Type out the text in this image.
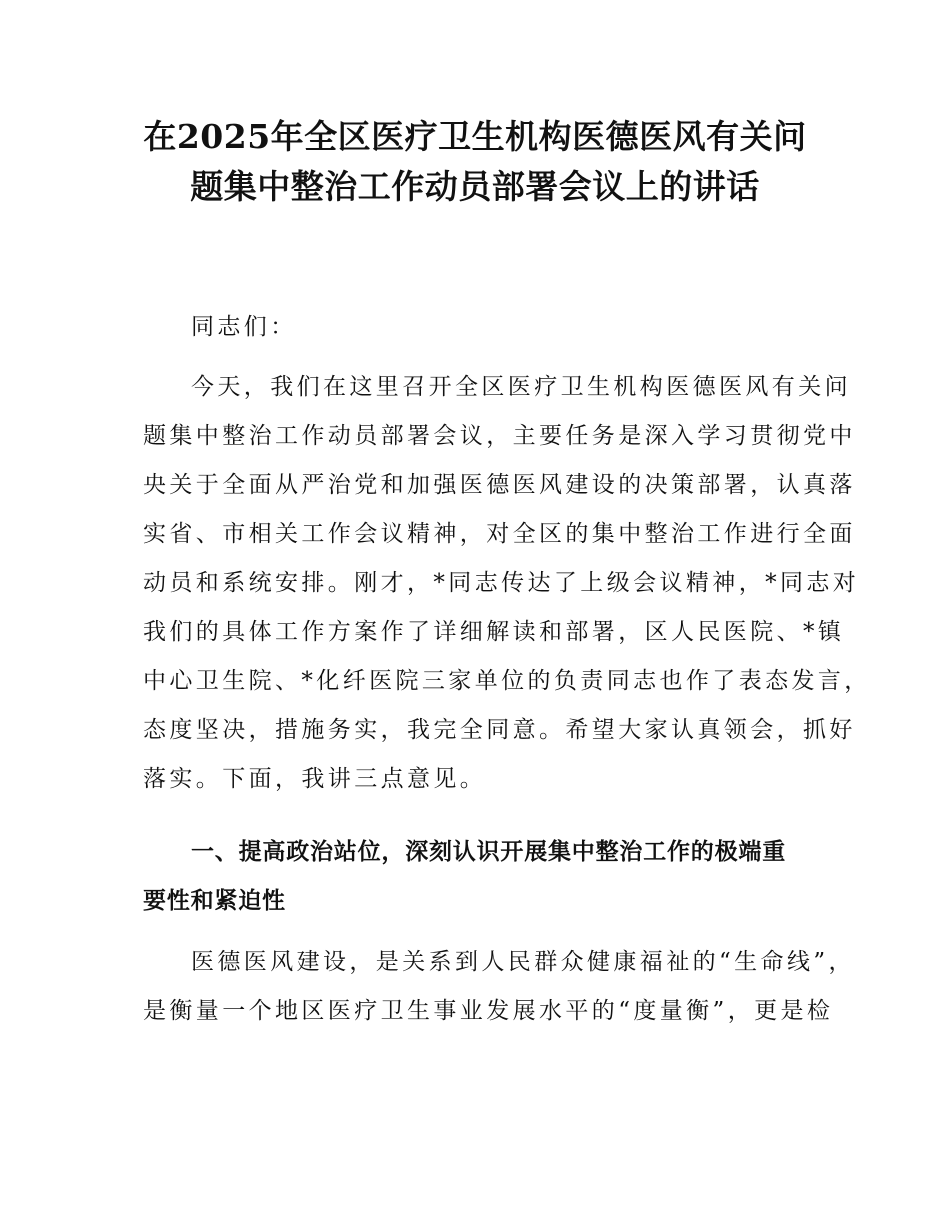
在2025年全区医疗卫生机构医德医风有关问
题集中整治工作动员部署会议上的讲话

同志们：

今天，我们在这里召开全区医疗卫生机构医德医风有关问
题集中整治工作动员部署会议，主要任务是深入学习贯彻党中
央关于全面从严治党和加强医德医风建设的决策部署，认真落
实省、市相关工作会议精神，对全区的集中整治工作进行全面
动员和系统安排。刚才，*同志传达了上级会议精神，*同志对
我们的具体工作方案作了详细解读和部署，区人民医院、*镇
中心卫生院、*化纤医院三家单位的负责同志也作了表态发言，
态度坚决，措施务实，我完全同意。希望大家认真领会，抓好
落实。下面，我讲三点意见。

一、提高政治站位，深刻认识开展集中整治工作的极端重
要性和紧迫性

医德医风建设，是关系到人民群众健康福祉的“生命线”，
是衡量一个地区医疗卫生事业发展水平的“度量衡”，更是检
